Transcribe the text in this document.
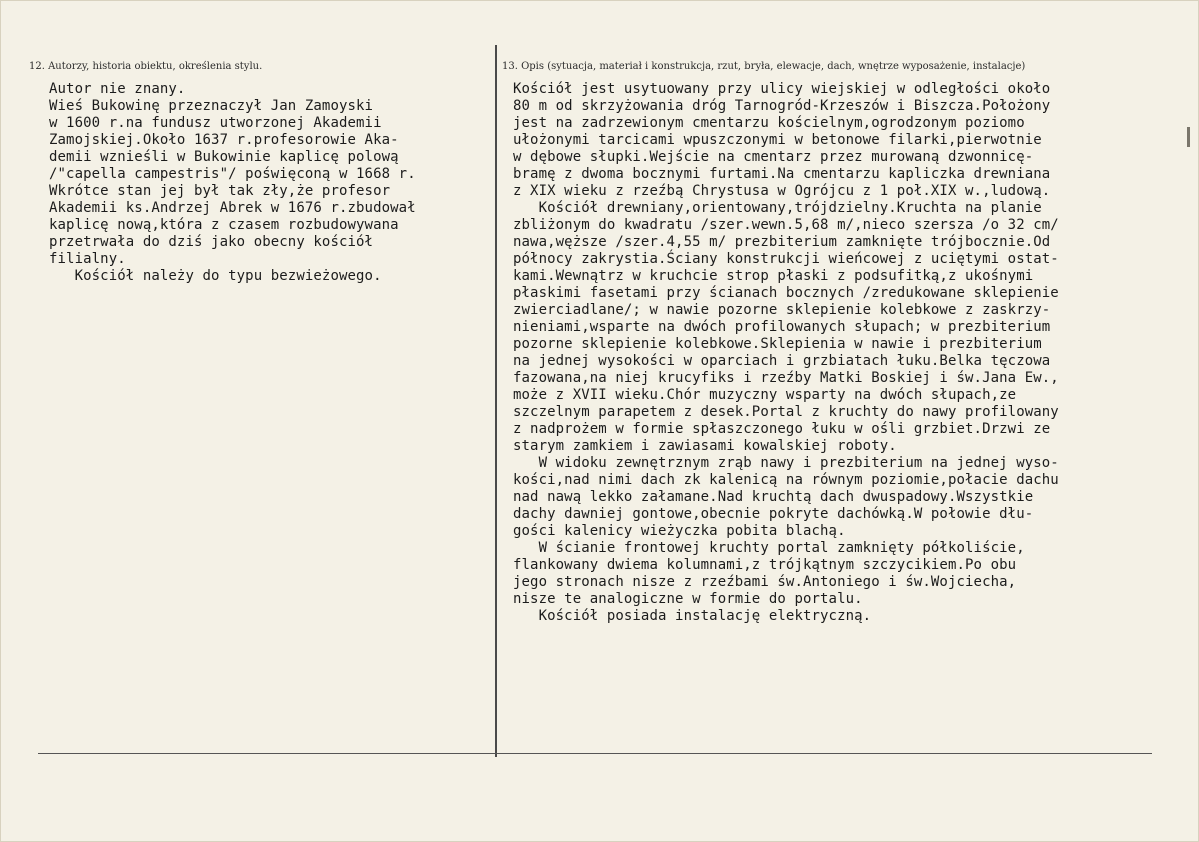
12. Autorzy, historia obiektu, określenia stylu.	13. Opis (sytuacja, materiał i konstrukcja, rzut, bryła, elewacje, dach, wnętrze wyposażenie, instalacje)
Autor nie znany.
Wieś Bukowinę przeznaczył Jan Zamoyski
w 1600 r.na fundusz utworzonej Akademii
Zamojskiej.Około 1637 r.profesorowie Aka-
demii wznieśli w Bukowinie kaplicę polową
/"capella campestris"/ poświęconą w 1668 r.
Wkrótce stan jej był tak zły,że profesor
Akademii ks.Andrzej Abrek w 1676 r.zbudował
kaplicę nową,która z czasem rozbudowywana
przetrwała do dziś jako obecny kościół
filialny.
Kościół należy do typu bezwieżowego.
Kościół jest usytuowany przy ulicy wiejskiej w odległości około
80 m od skrzyżowania dróg Tarnogród-Krzeszów i Biszcza.Położony
jest na zadrzewionym cmentarzu kościelnym,ogrodzonym poziomo
ułożonymi tarcicami wpuszczonymi w betonowe filarki,pierwotnie
w dębowe słupki.Wejście na cmentarz przez murowaną dzwonnicę-
bramę z dwoma bocznymi furtami.Na cmentarzu kapliczka drewniana
z XIX wieku z rzeźbą Chrystusa w Ogrójcu z 1 poł.XIX w.,ludową.
Kościół drewniany,orientowany,trójdzielny.Kruchta na planie
zbliżonym do kwadratu /szer.wewn.5,68 m/,nieco szersza /o 32 cm/
nawa,węższe /szer.4,55 m/ prezbiterium zamknięte trójbocznie.Od
północy zakrystia.Ściany konstrukcji wieńcowej z uciętymi ostat-
kami.Wewnątrz w kruchcie strop płaski z podsufitką,z ukośnymi
płaskimi fasetami przy ścianach bocznych /zredukowane sklepienie
zwierciadlane/; w nawie pozorne sklepienie kolebkowe z zaskrzy-
nieniami,wsparte na dwóch profilowanych słupach; w prezbiterium
pozorne sklepienie kolebkowe.Sklepienia w nawie i prezbiterium
na jednej wysokości w oparciach i grzbiatach łuku.Belka tęczowa
fazowana,na niej krucyfiks i rzeźby Matki Boskiej i św.Jana Ew.,
może z XVII wieku.Chór muzyczny wsparty na dwóch słupach,ze
szczelnym parapetem z desek.Portal z kruchty do nawy profilowany
z nadprożem w formie spłaszczonego łuku w ośli grzbiet.Drzwi ze
starym zamkiem i zawiasami kowalskiej roboty.
W widoku zewnętrznym zrąb nawy i prezbiterium na jednej wyso-
kości,nad nimi dach zk kalenicą na równym poziomie,połacie dachu
nad nawą lekko załamane.Nad kruchtą dach dwuspadowy.Wszystkie
dachy dawniej gontowe,obecnie pokryte dachówką.W połowie dłu-
gości kalenicy wieżyczka pobita blachą.
W ścianie frontowej kruchty portal zamknięty półkoliście,
flankowany dwiema kolumnami,z trójkątnym szczycikiem.Po obu
jego stronach nisze z rzeźbami św.Antoniego i św.Wojciecha,
nisze te analogiczne w formie do portalu.
Kościół posiada instalację elektryczną.
